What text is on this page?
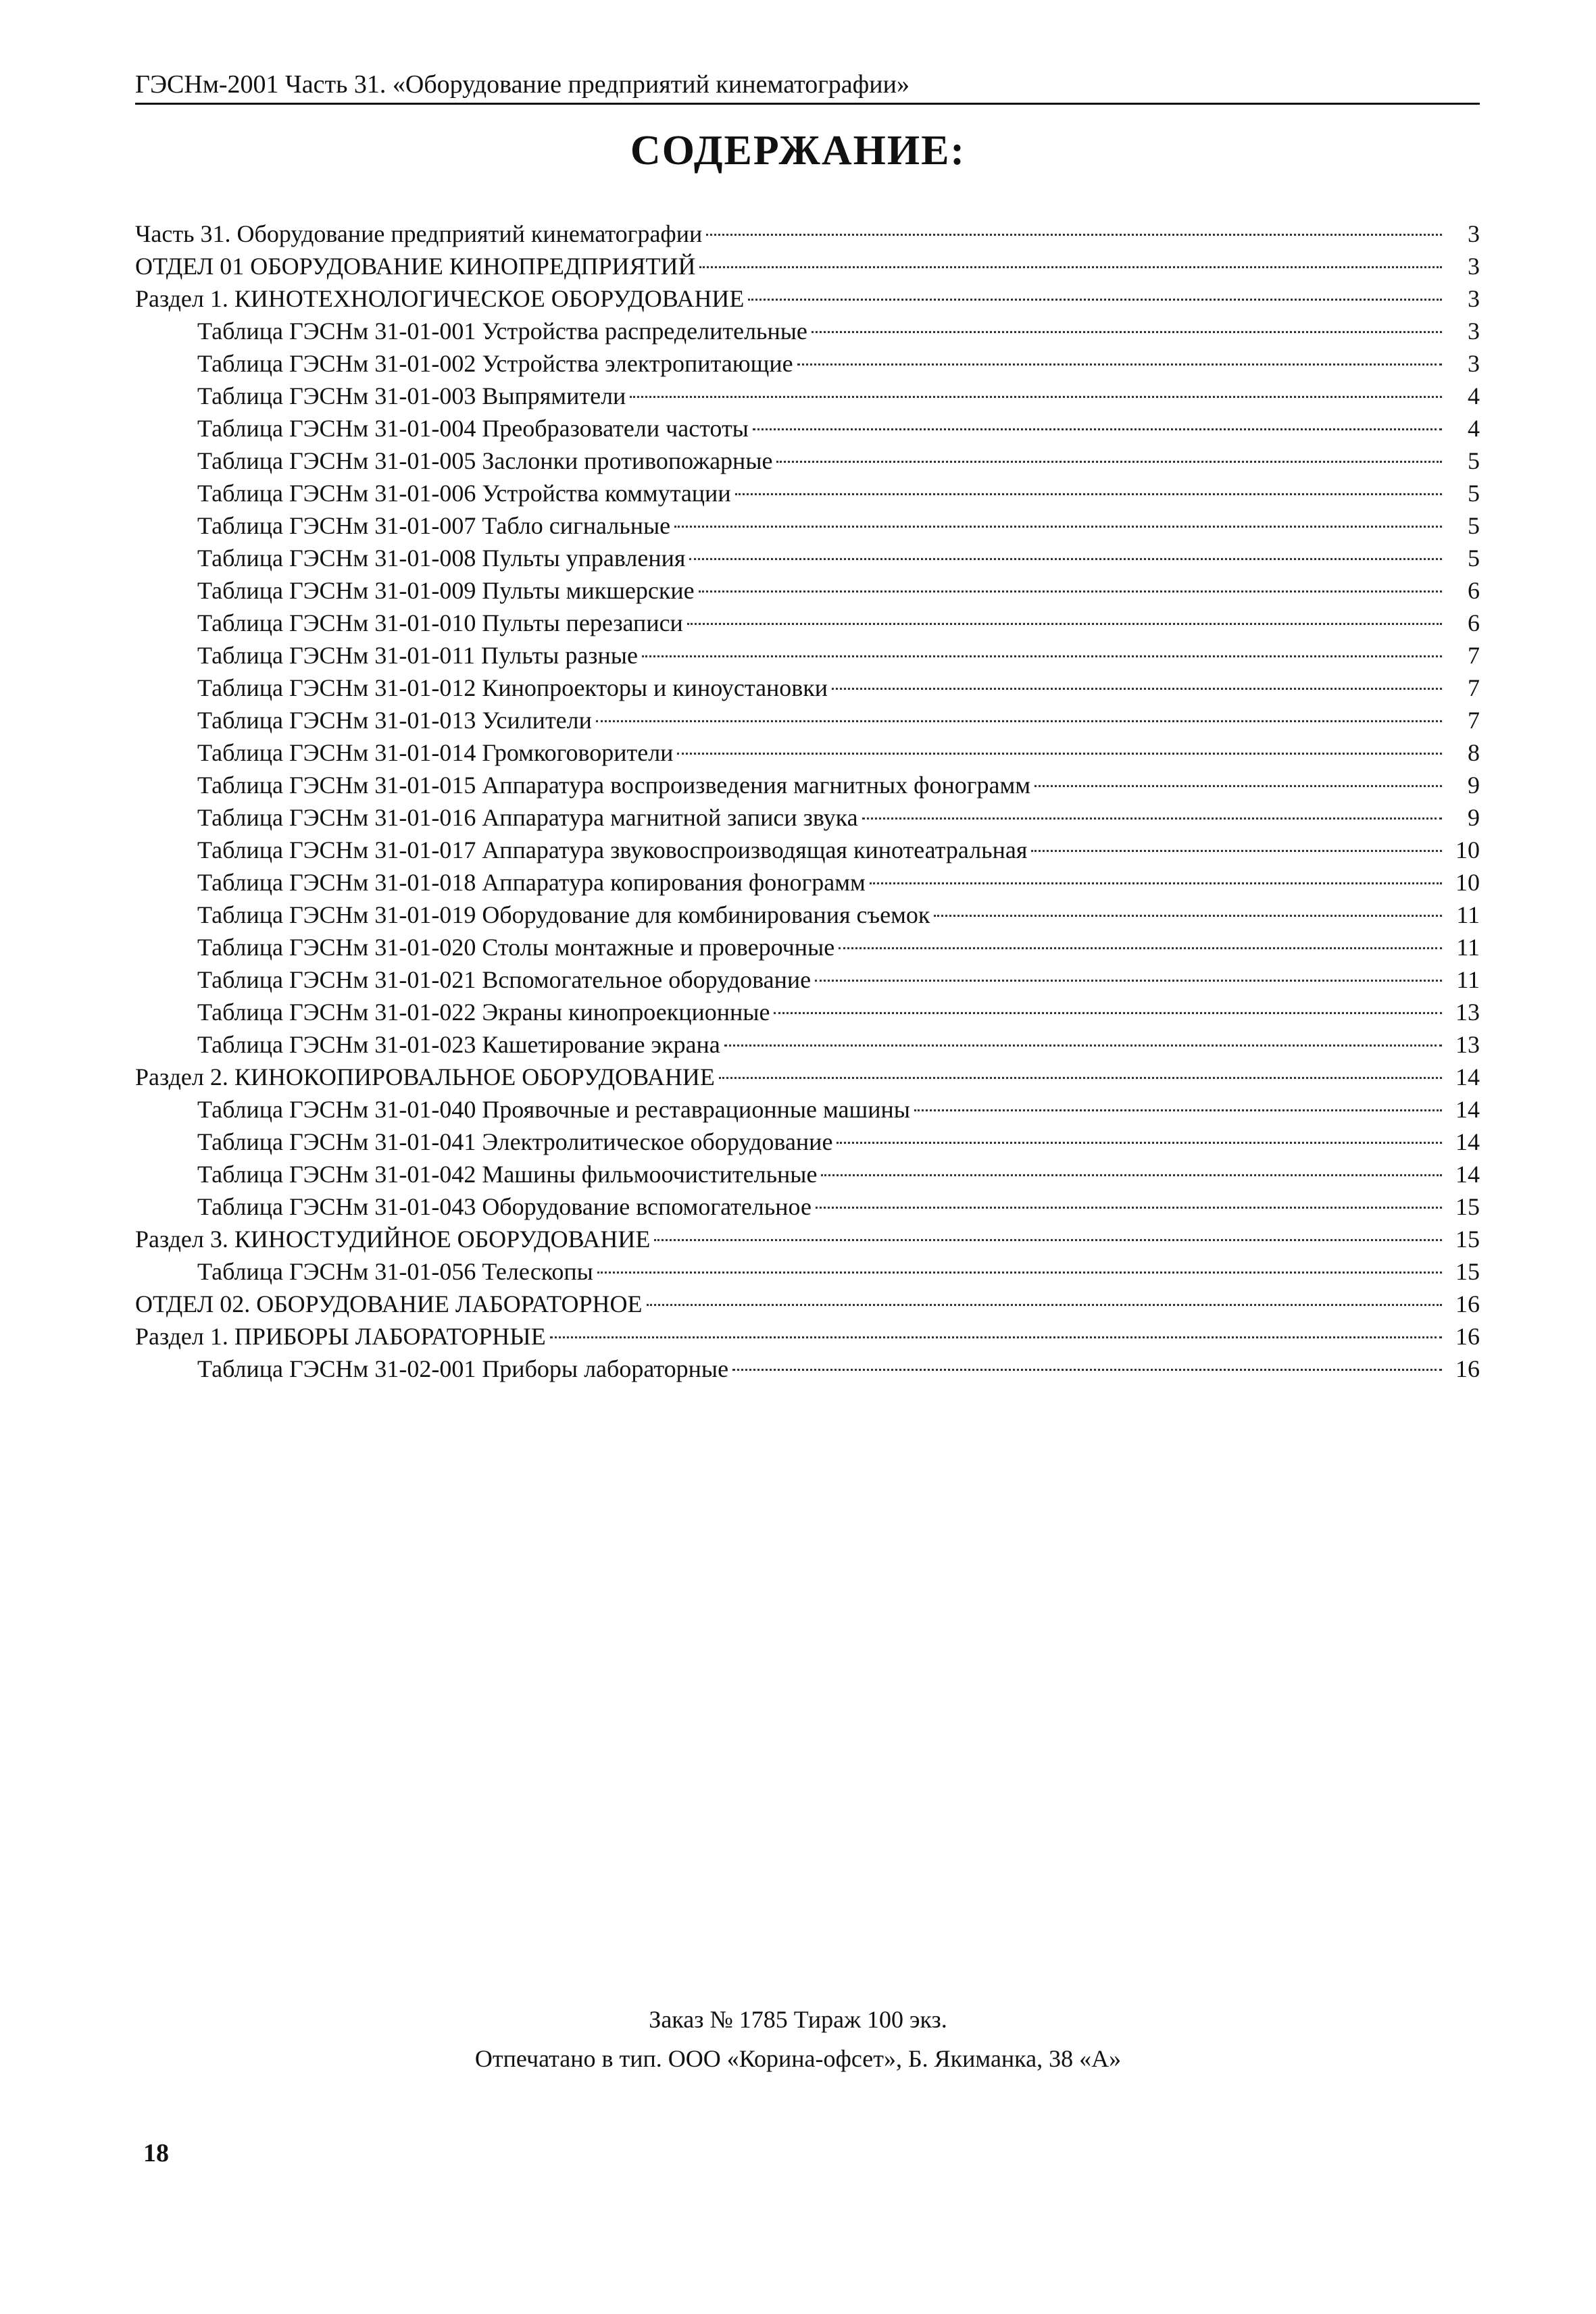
ГЭСНм-2001 Часть 31. «Оборудование предприятий кинематографии»
СОДЕРЖАНИЕ:
Часть 31. Оборудование предприятий кинематографии	3
ОТДЕЛ 01 ОБОРУДОВАНИЕ КИНОПРЕДПРИЯТИЙ	3
Раздел 1. КИНОТЕХНОЛОГИЧЕСКОЕ ОБОРУДОВАНИЕ	3
Таблица ГЭСНм 31-01-001 Устройства распределительные	3
Таблица ГЭСНм 31-01-002 Устройства электропитающие	3
Таблица ГЭСНм 31-01-003 Выпрямители	4
Таблица ГЭСНм 31-01-004 Преобразователи частоты	4
Таблица ГЭСНм 31-01-005 Заслонки противопожарные	5
Таблица ГЭСНм 31-01-006 Устройства коммутации	5
Таблица ГЭСНм 31-01-007 Табло сигнальные	5
Таблица ГЭСНм 31-01-008 Пульты управления	5
Таблица ГЭСНм 31-01-009 Пульты микшерские	6
Таблица ГЭСНм 31-01-010 Пульты перезаписи	6
Таблица ГЭСНм 31-01-011 Пульты разные	7
Таблица ГЭСНм 31-01-012 Кинопроекторы и киноустановки	7
Таблица ГЭСНм 31-01-013 Усилители	7
Таблица ГЭСНм 31-01-014 Громкоговорители	8
Таблица ГЭСНм 31-01-015 Аппаратура воспроизведения магнитных фонограмм	9
Таблица ГЭСНм 31-01-016 Аппаратура магнитной записи звука	9
Таблица ГЭСНм 31-01-017 Аппаратура звуковоспроизводящая кинотеатральная	10
Таблица ГЭСНм 31-01-018 Аппаратура копирования фонограмм	10
Таблица ГЭСНм 31-01-019 Оборудование для комбинирования съемок	11
Таблица ГЭСНм 31-01-020 Столы монтажные и проверочные	11
Таблица ГЭСНм 31-01-021 Вспомогательное оборудование	11
Таблица ГЭСНм 31-01-022 Экраны кинопроекционные	13
Таблица ГЭСНм 31-01-023 Кашетирование экрана	13
Раздел 2. КИНОКОПИРОВАЛЬНОЕ ОБОРУДОВАНИЕ	14
Таблица ГЭСНм 31-01-040 Проявочные и реставрационные машины	14
Таблица ГЭСНм 31-01-041 Электролитическое оборудование	14
Таблица ГЭСНм 31-01-042 Машины фильмоочистительные	14
Таблица ГЭСНм 31-01-043 Оборудование вспомогательное	15
Раздел 3. КИНОСТУДИЙНОЕ ОБОРУДОВАНИЕ	15
Таблица ГЭСНм 31-01-056 Телескопы	15
ОТДЕЛ 02. ОБОРУДОВАНИЕ ЛАБОРАТОРНОЕ	16
Раздел 1. ПРИБОРЫ ЛАБОРАТОРНЫЕ	16
Таблица ГЭСНм 31-02-001 Приборы лабораторные	16
Заказ № 1785 Тираж 100 экз.
Отпечатано в тип. ООО «Корина-офсет», Б. Якиманка, 38 «А»
18
